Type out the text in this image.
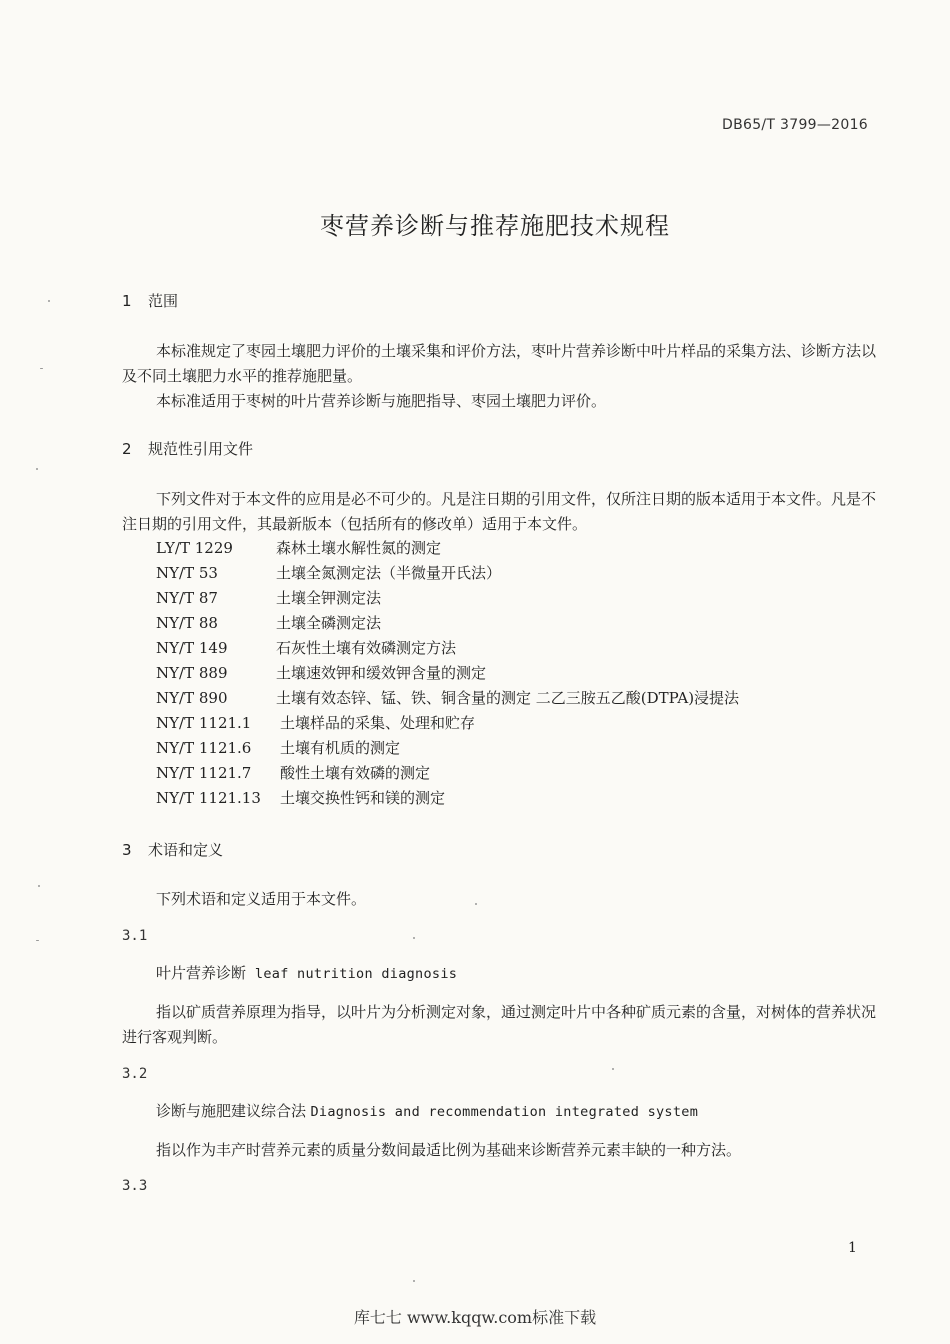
DB65/T 3799—2016
枣营养诊断与推荐施肥技术规程
1 范围
本标准规定了枣园土壤肥力评价的土壤采集和评价方法，枣叶片营养诊断中叶片样品的采集方法、诊断方法以及不同土壤肥力水平的推荐施肥量。
本标准适用于枣树的叶片营养诊断与施肥指导、枣园土壤肥力评价。
2 规范性引用文件
下列文件对于本文件的应用是必不可少的。凡是注日期的引用文件，仅所注日期的版本适用于本文件。凡是不注日期的引用文件，其最新版本（包括所有的修改单）适用于本文件。
LY/T 1229	森林土壤水解性氮的测定
NY/T 53	土壤全氮测定法（半微量开氏法）
NY/T 87	土壤全钾测定法
NY/T 88	土壤全磷测定法
NY/T 149	石灰性土壤有效磷测定方法
NY/T 889	土壤速效钾和缓效钾含量的测定
NY/T 890	土壤有效态锌、锰、铁、铜含量的测定 二乙三胺五乙酸(DTPA)浸提法
NY/T 1121.1 土壤样品的采集、处理和贮存
NY/T 1121.6 土壤有机质的测定
NY/T 1121.7 酸性土壤有效磷的测定
NY/T 1121.13 土壤交换性钙和镁的测定
3 术语和定义
下列术语和定义适用于本文件。
3.1
叶片营养诊断 leaf nutrition diagnosis
指以矿质营养原理为指导，以叶片为分析测定对象，通过测定叶片中各种矿质元素的含量，对树体的营养状况进行客观判断。
3.2
诊断与施肥建议综合法 Diagnosis and recommendation integrated system
指以作为丰产时营养元素的质量分数间最适比例为基础来诊断营养元素丰缺的一种方法。
3.3
1
库七七 www.kqqw.com标准下载
